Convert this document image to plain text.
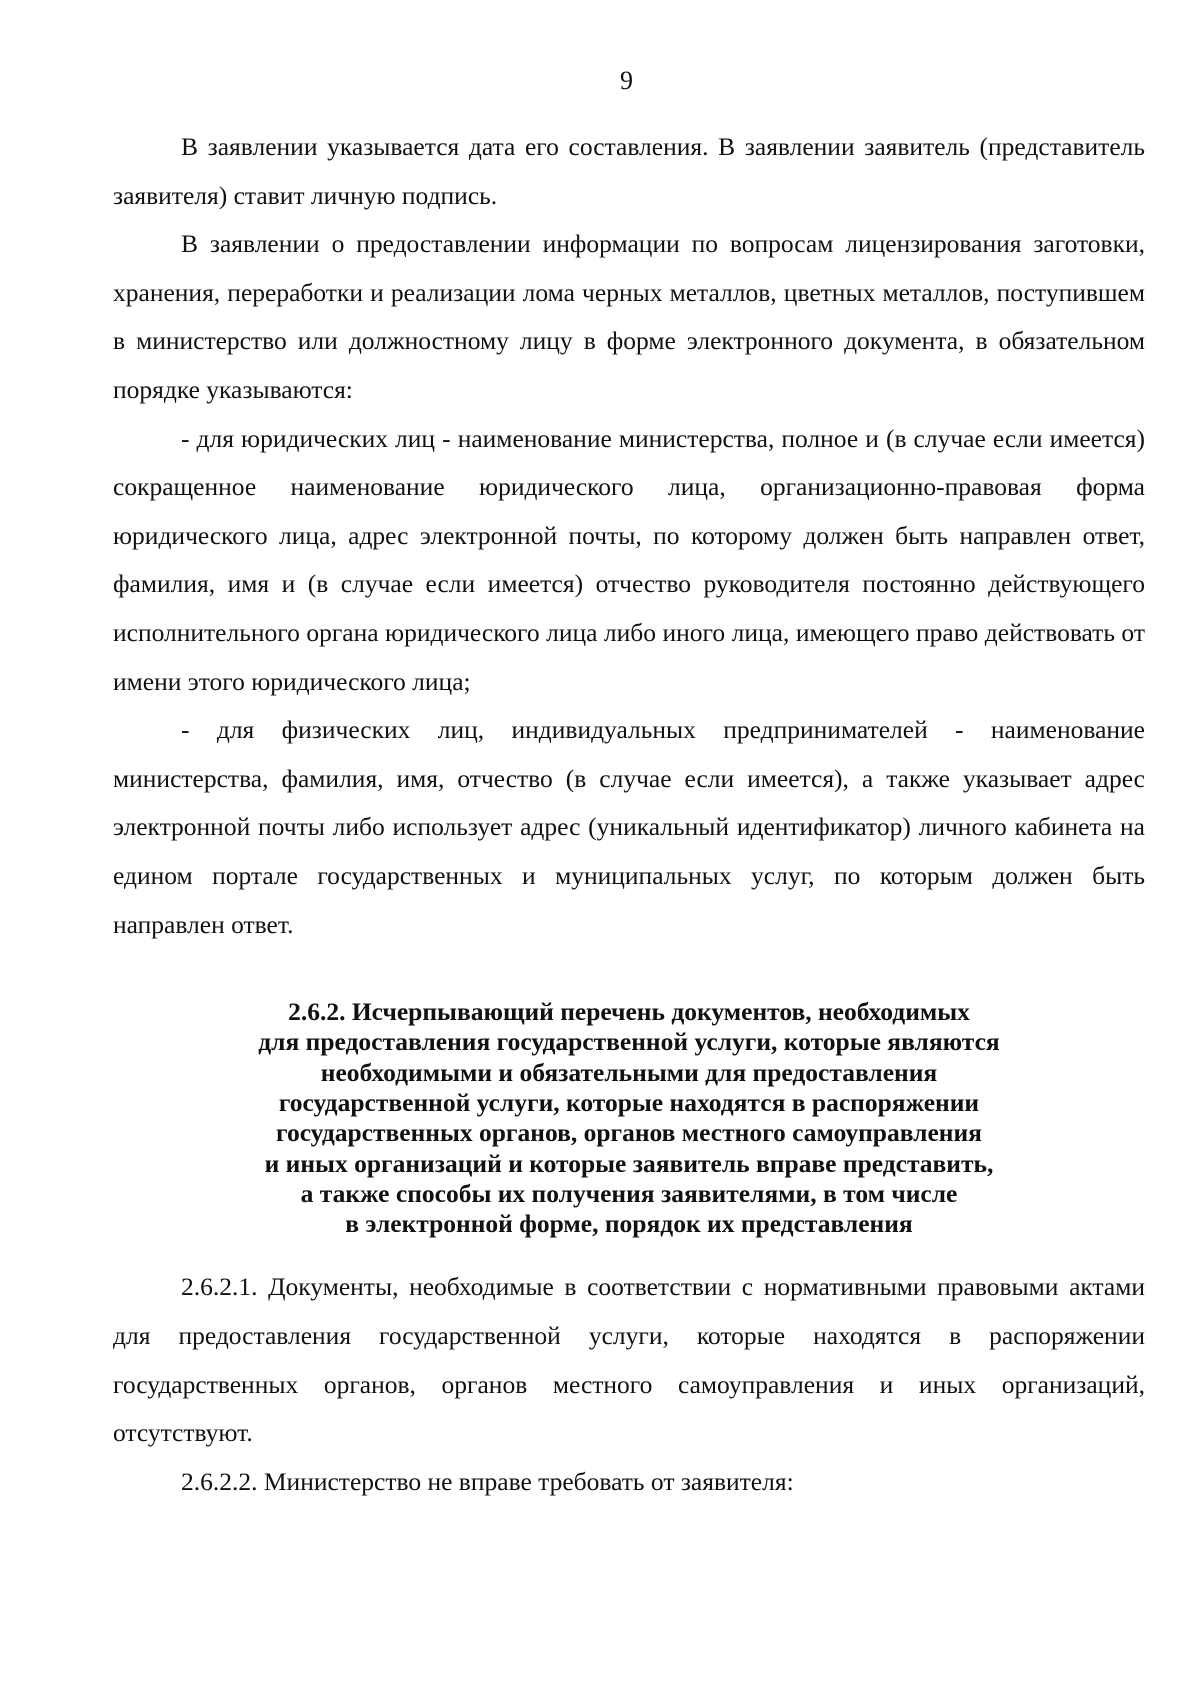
9

В заявлении указывается дата его составления. В заявлении заявитель (представитель заявителя) ставит личную подпись.

В заявлении о предоставлении информации по вопросам лицензирования заготовки, хранения, переработки и реализации лома черных металлов, цветных металлов, поступившем в министерство или должностному лицу в форме электронного документа, в обязательном порядке указываются:

- для юридических лиц - наименование министерства, полное и (в случае если имеется) сокращенное наименование юридического лица, организационно-правовая форма юридического лица, адрес электронной почты, по которому должен быть направлен ответ, фамилия, имя и (в случае если имеется) отчество руководителя постоянно действующего исполнительного органа юридического лица либо иного лица, имеющего право действовать от имени этого юридического лица;

- для физических лиц, индивидуальных предпринимателей - наименование министерства, фамилия, имя, отчество (в случае если имеется), а также указывает адрес электронной почты либо использует адрес (уникальный идентификатор) личного кабинета на едином портале государственных и муниципальных услуг, по которым должен быть направлен ответ.

2.6.2. Исчерпывающий перечень документов, необходимых
для предоставления государственной услуги, которые являются
необходимыми и обязательными для предоставления
государственной услуги, которые находятся в распоряжении
государственных органов, органов местного самоуправления
и иных организаций и которые заявитель вправе представить,
а также способы их получения заявителями, в том числе
в электронной форме, порядок их представления

2.6.2.1. Документы, необходимые в соответствии с нормативными правовыми актами для предоставления государственной услуги, которые находятся в распоряжении государственных органов, органов местного самоуправления и иных организаций, отсутствуют.

2.6.2.2. Министерство не вправе требовать от заявителя:
